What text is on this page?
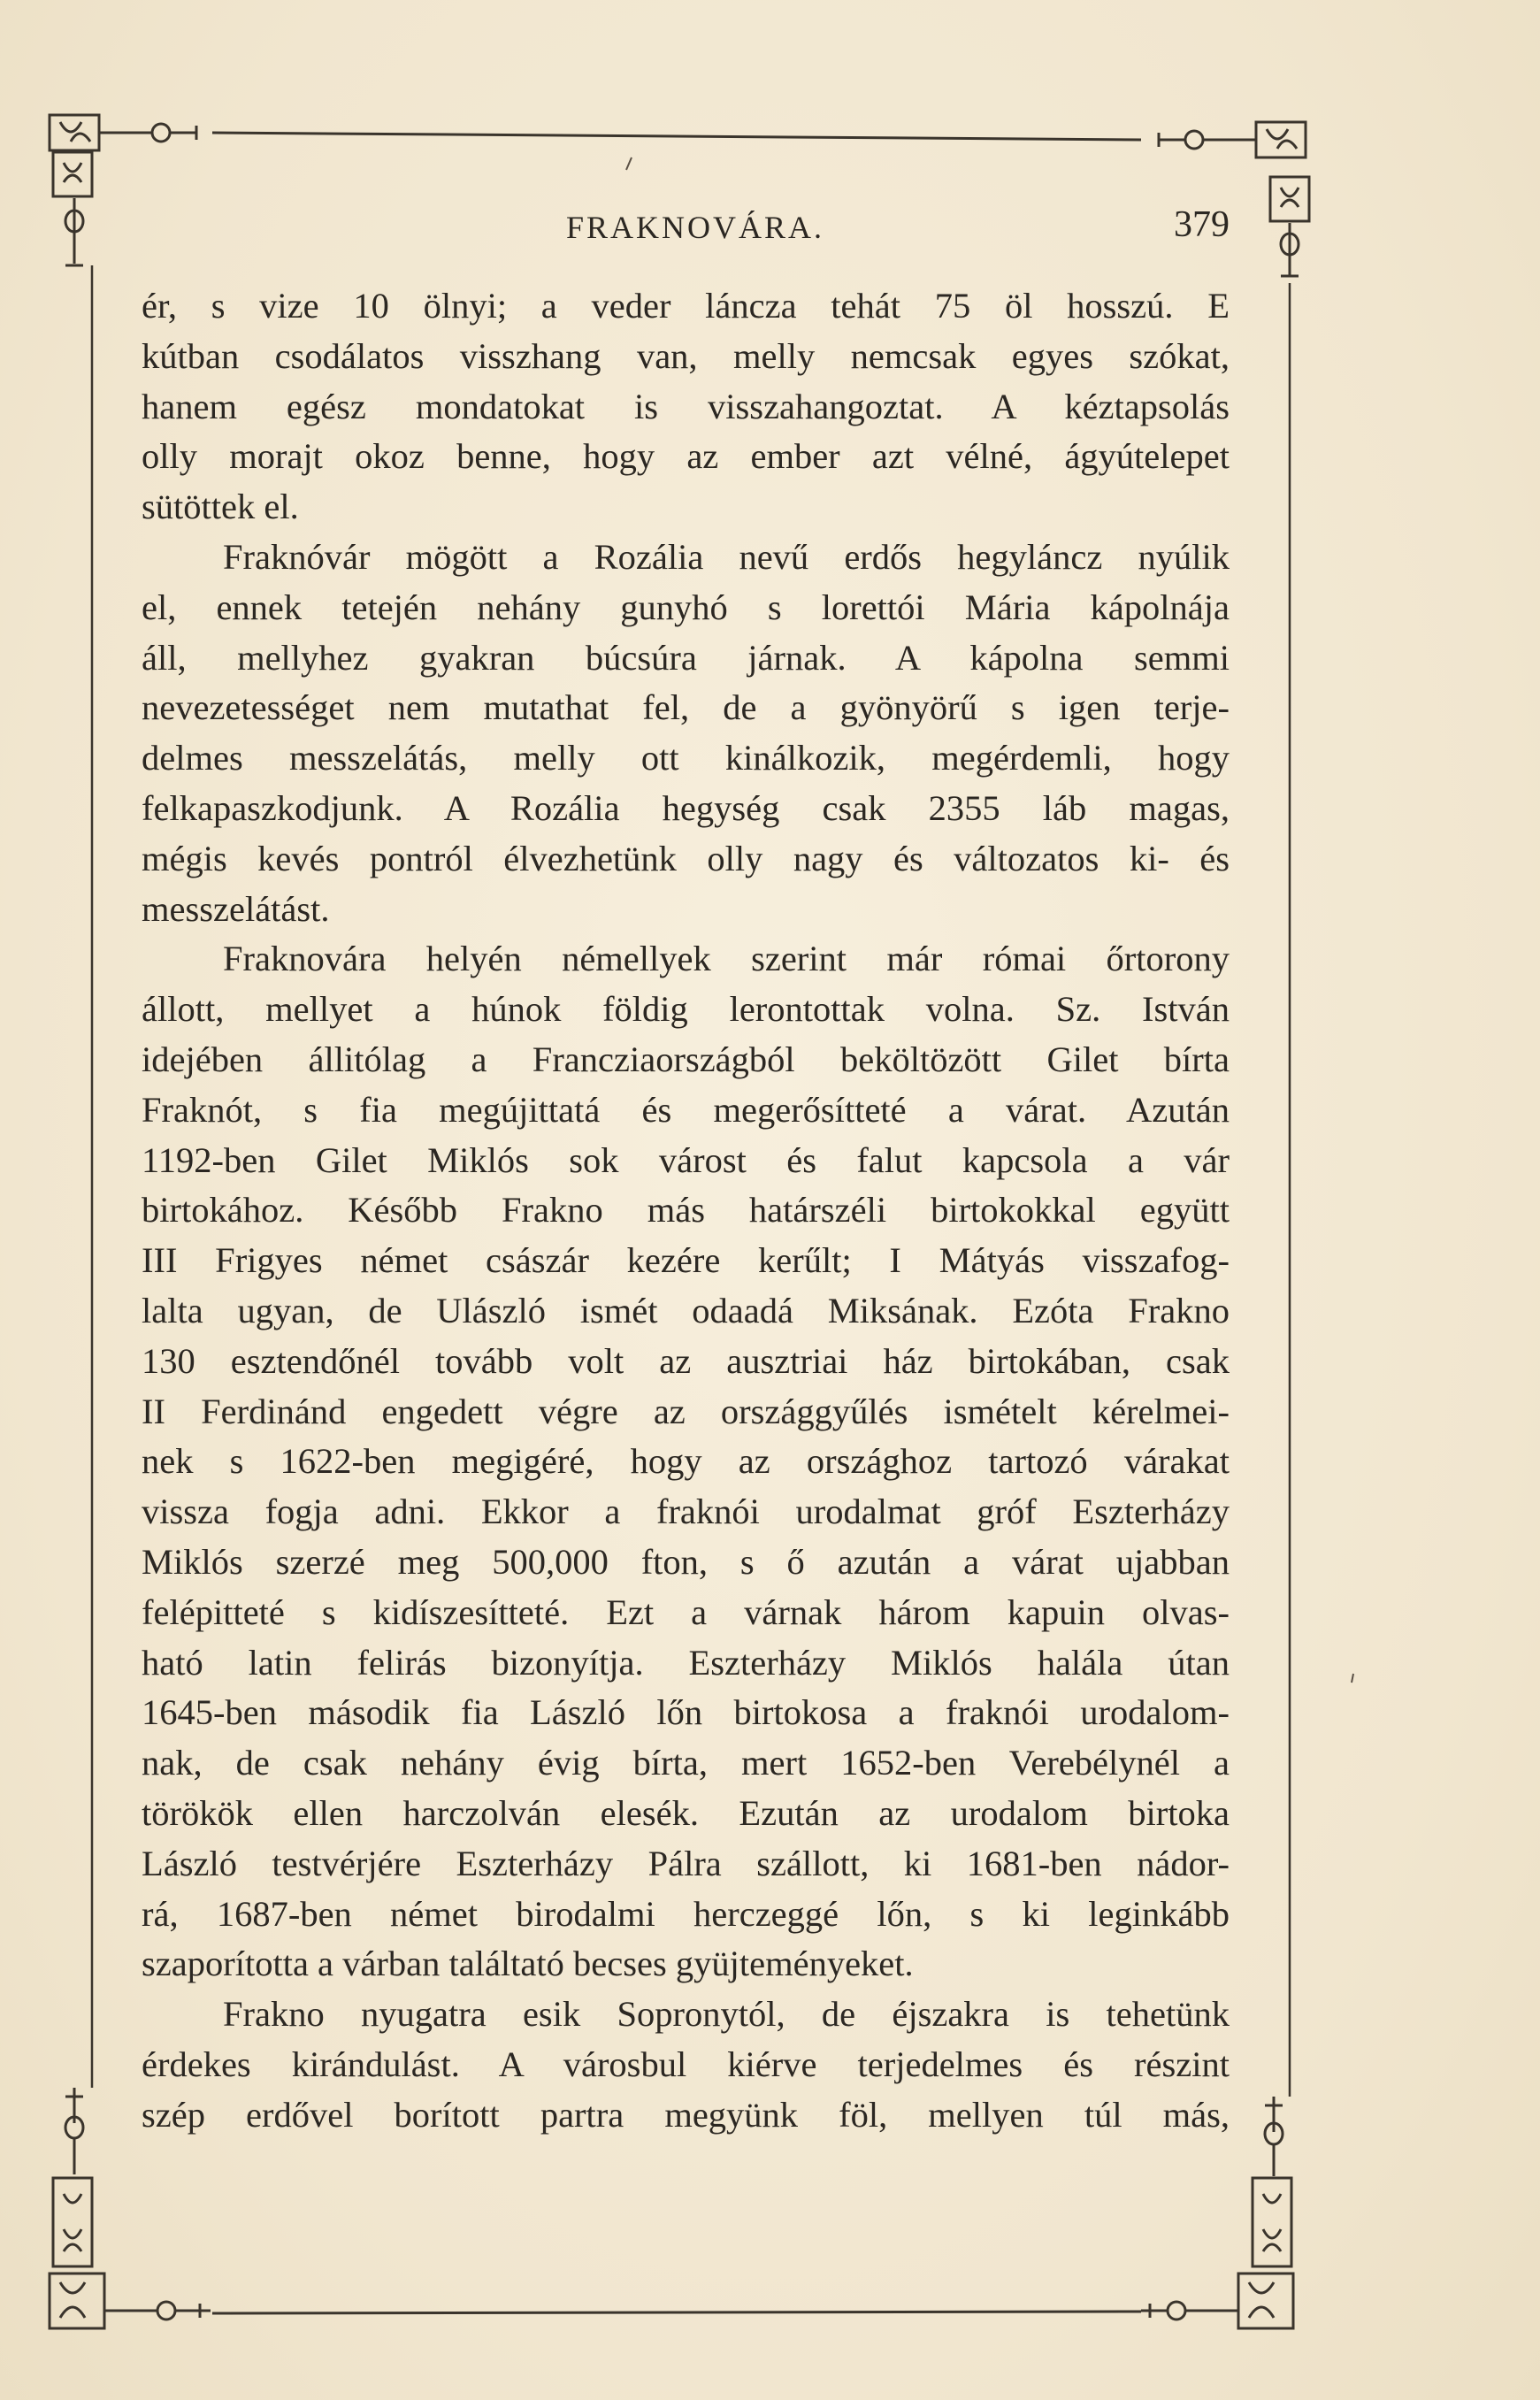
FRAKNOVÁRA.	379
ér, s vize 10 ölnyi; a veder láncza tehát 75 öl hosszú. E
kútban csodálatos visszhang van, melly nemcsak egyes szókat,
hanem egész mondatokat is visszahangoztat. A kéztapsolás
olly morajt okoz benne, hogy az ember azt vélné, ágyútelepet
sütöttek el.
Fraknóvár mögött a Rozália nevű erdős hegyláncz nyúlik
el, ennek tetején nehány gunyhó s lorettói Mária kápolnája
áll, mellyhez gyakran búcsúra járnak. A kápolna semmi
nevezetességet nem mutathat fel, de a gyönyörű s igen terje-
delmes messzelátás, melly ott kinálkozik, megérdemli, hogy
felkapaszkodjunk. A Rozália hegység csak 2355 láb magas,
mégis kevés pontról élvezhetünk olly nagy és változatos ki- és
messzelátást.
Fraknovára helyén némellyek szerint már római őrtorony
állott, mellyet a húnok földig lerontottak volna. Sz. István
idejében állitólag a Francziaországból beköltözött Gilet bírta
Fraknót, s fia megújittatá és megerősítteté a várat. Azután
1192-ben Gilet Miklós sok várost és falut kapcsola a vár
birtokához. Később Frakno más határszéli birtokokkal együtt
III Frigyes német császár kezére kerűlt; I Mátyás visszafog-
lalta ugyan, de Ulászló ismét odaadá Miksának. Ezóta Frakno
130 esztendőnél tovább volt az ausztriai ház birtokában, csak
II Ferdinánd engedett végre az országgyűlés ismételt kérelmei-
nek s 1622-ben megigéré, hogy az országhoz tartozó várakat
vissza fogja adni. Ekkor a fraknói urodalmat gróf Eszterházy
Miklós szerzé meg 500,000 fton, s ő azután a várat ujabban
felépitteté s kidíszesítteté. Ezt a várnak három kapuin olvas-
ható latin felirás bizonyítja. Eszterházy Miklós halála útan
1645-ben második fia László lőn birtokosa a fraknói urodalom-
nak, de csak nehány évig bírta, mert 1652-ben Verebélynél a
törökök ellen harczolván elesék. Ezután az urodalom birtoka
László testvérjére Eszterházy Pálra szállott, ki 1681-ben nádor-
rá, 1687-ben német birodalmi herczeggé lőn, s ki leginkább
szaporította a várban találtató becses gyüjteményeket.
Frakno nyugatra esik Sopronytól, de éjszakra is tehetünk
érdekes kirándulást. A városbul kiérve terjedelmes és részint
szép erdővel borított partra megyünk föl, mellyen túl más,
